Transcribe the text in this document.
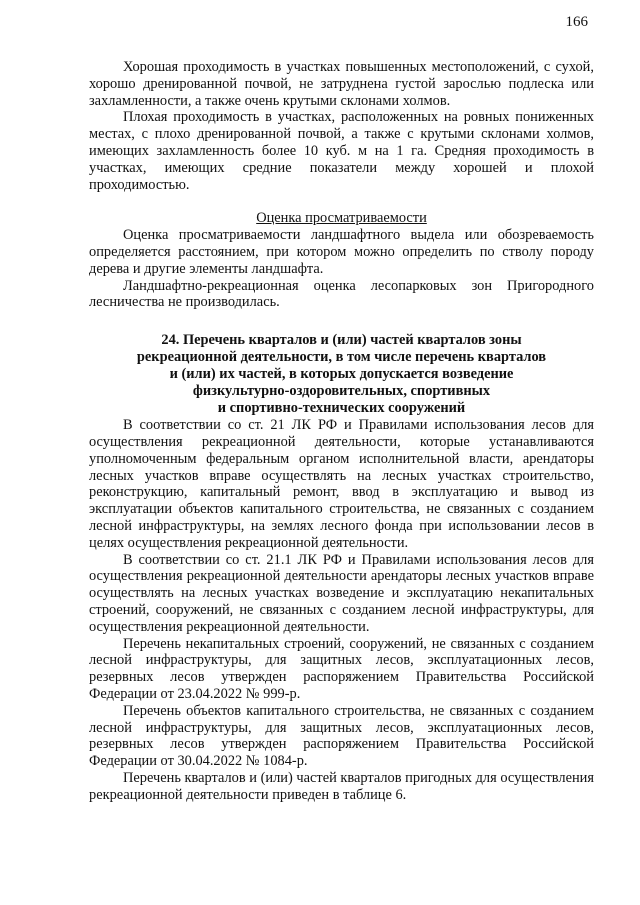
166

Хорошая проходимость в участках повышенных местоположений, с сухой, хорошо дренированной почвой, не затруднена густой зарослью подлеска или захламленности, а также очень крутыми склонами холмов.

Плохая проходимость в участках, расположенных на ровных пониженных местах, с плохо дренированной почвой, а также с крутыми склонами холмов, имеющих захламленность более 10 куб. м на 1 га. Средняя проходимость в участках, имеющих средние показатели между хорошей и плохой проходимостью.

Оценка просматриваемости

Оценка просматриваемости ландшафтного выдела или обозреваемость определяется расстоянием, при котором можно определить по стволу породу дерева и другие элементы ландшафта.

Ландшафтно-рекреационная оценка лесопарковых зон Пригородного лесничества не производилась.

24. Перечень кварталов и (или) частей кварталов зоны
рекреационной деятельности, в том числе перечень кварталов
и (или) их частей, в которых допускается возведение
физкультурно-оздоровительных, спортивных
и спортивно-технических сооружений

В соответствии со ст. 21 ЛК РФ и Правилами использования лесов для осуществления рекреационной деятельности, которые устанавливаются уполномоченным федеральным органом исполнительной власти, арендаторы лесных участков вправе осуществлять на лесных участках строительство, реконструкцию, капитальный ремонт, ввод в эксплуатацию и вывод из эксплуатации объектов капитального строительства, не связанных с созданием лесной инфраструктуры, на землях лесного фонда при использовании лесов в целях осуществления рекреационной деятельности.

В соответствии со ст. 21.1 ЛК РФ и Правилами использования лесов для осуществления рекреационной деятельности арендаторы лесных участков вправе осуществлять на лесных участках возведение и эксплуатацию некапитальных строений, сооружений, не связанных с созданием лесной инфраструктуры, для осуществления рекреационной деятельности.

Перечень некапитальных строений, сооружений, не связанных с созданием лесной инфраструктуры, для защитных лесов, эксплуатационных лесов, резервных лесов утвержден распоряжением Правительства Российской Федерации от 23.04.2022 № 999-р.

Перечень объектов капитального строительства, не связанных с созданием лесной инфраструктуры, для защитных лесов, эксплуатационных лесов, резервных лесов утвержден распоряжением Правительства Российской Федерации от 30.04.2022 № 1084-р.

Перечень кварталов и (или) частей кварталов пригодных для осуществления рекреационной деятельности приведен в таблице 6.
